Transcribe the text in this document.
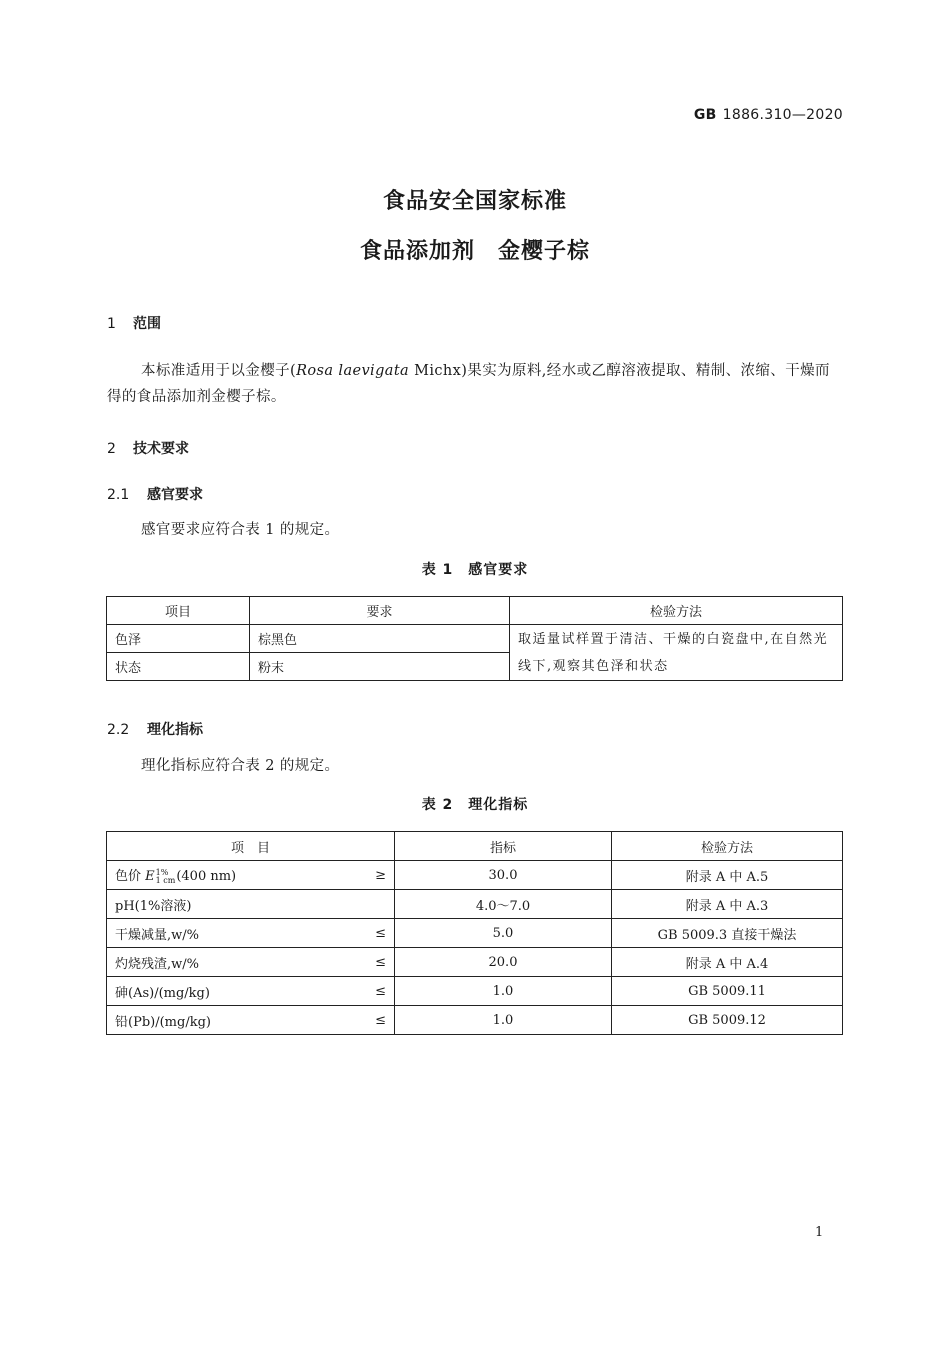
GB 1886.310—2020
食品安全国家标准
食品添加剂　金樱子棕
1 范围
本标准适用于以金樱子(Rosa laevigata Michx)果实为原料,经水或乙醇溶液提取、精制、浓缩、干燥而得的食品添加剂金樱子棕。
2 技术要求
2.1 感官要求
感官要求应符合表 1 的规定。
表 1　感官要求
项目	要求	检验方法
色泽	棕黑色	取适量试样置于清洁、干燥的白瓷盘中,在自然光线下,观察其色泽和状态
状态	粉末	
2.2 理化指标
理化指标应符合表 2 的规定。
表 2　理化指标
项　目	指标	检验方法

色价 E 1%
1 cm (400 nm) ≥	30.0	附录 A 中 A.5

pH(1%溶液)	4.0～7.0	附录 A 中 A.3

干燥减量,w/% ≤	5.0	GB 5009.3 直接干燥法

灼烧残渣,w/% ≤	20.0	附录 A 中 A.4

砷(As)/(mg/kg) ≤	1.0	GB 5009.11

铅(Pb)/(mg/kg) ≤	1.0	GB 5009.12
1
